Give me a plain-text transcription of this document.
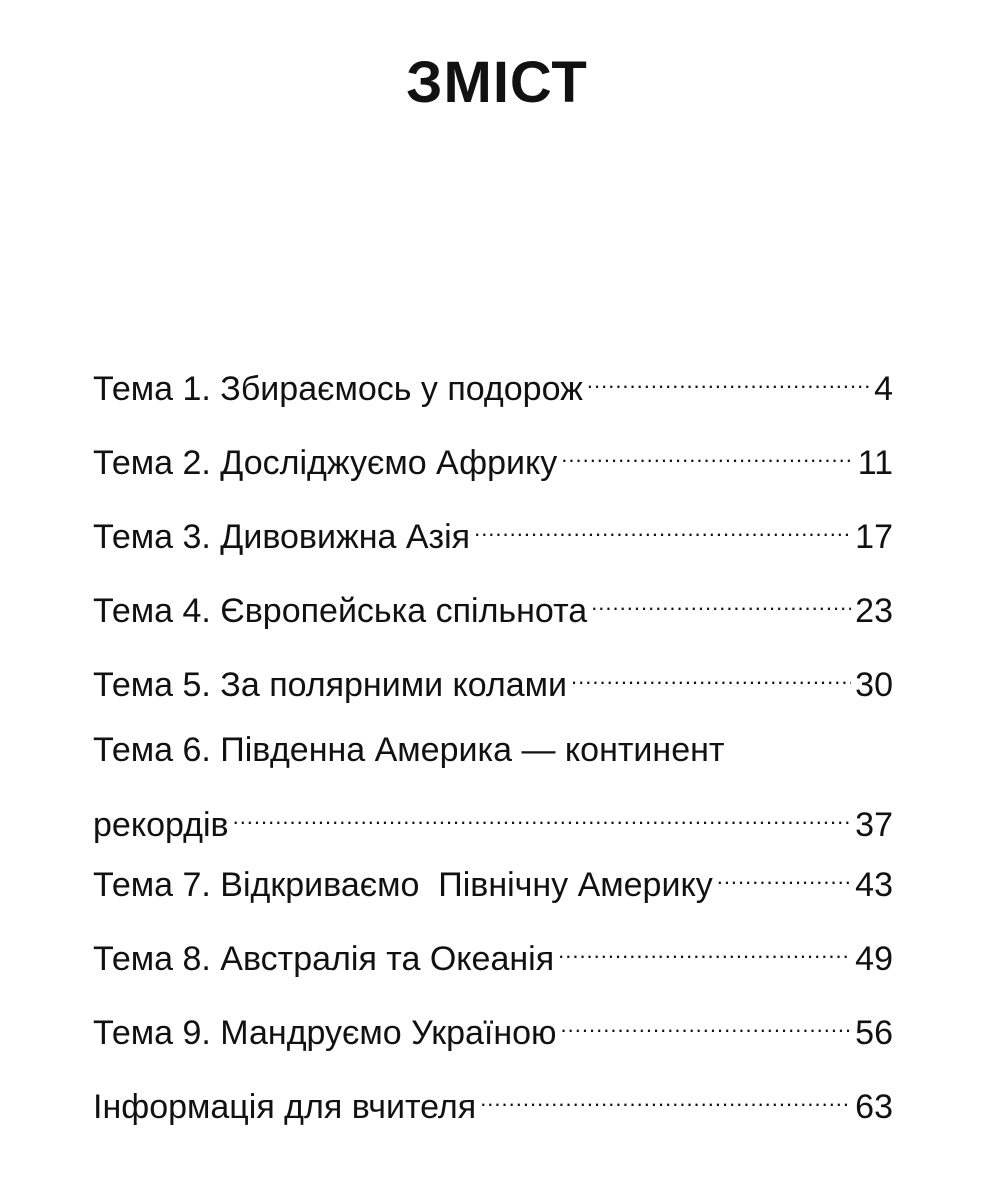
ЗМІСТ
Тема 1. Збираємось у подорож .....	4
Тема 2. Досліджуємо Африку .....	11
Тема 3. Дивовижна Азія .....	17
Тема 4. Європейська спільнота .....	23
Тема 5. За полярними колами .....	30
Тема 6. Південна Америка — континент
рекордів .....	37
Тема 7. Відкриваємо  Північну Америку .....	43
Тема 8. Австралія та Океанія .....	49
Тема 9. Мандруємо Україною .....	56
Інформація для вчителя .....	63
